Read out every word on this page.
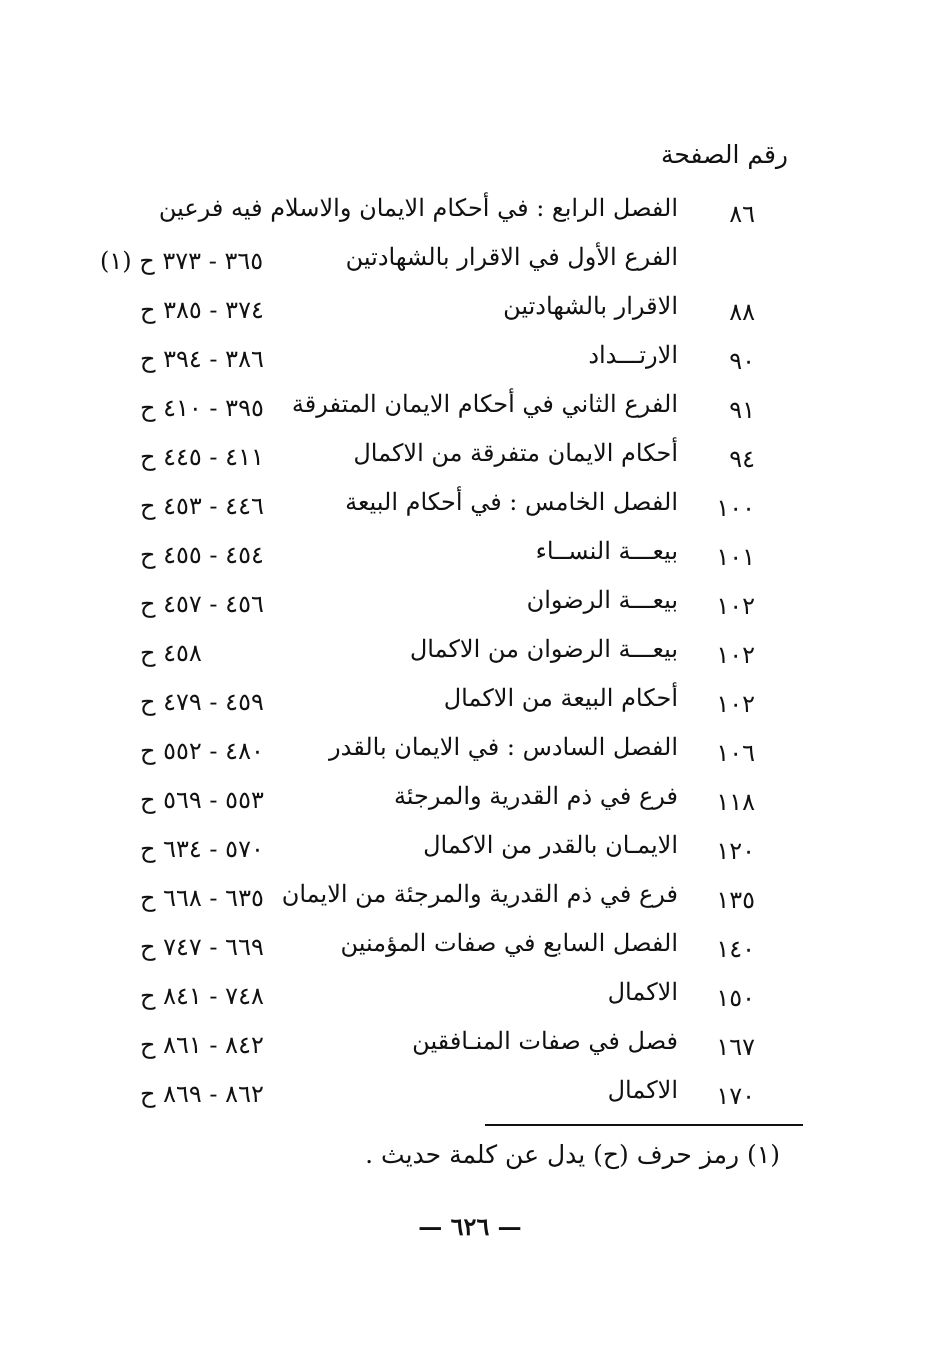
رقم الصفحة
٨٦
الفصل الرابع : في أحكام الايمان والاسلام فيه فرعين
الفرع الأول في الاقرار بالشهادتين
(١) ٣٦٥ - ٣٧٣ ح
٨٨
الاقرار بالشهادتين
٣٧٤ - ٣٨٥ ح
٩٠
الارتـــداد
٣٨٦ - ٣٩٤ ح
٩١
الفرع الثاني في أحكام الايمان المتفرقة
٣٩٥ - ٤١٠ ح
٩٤
أحكام الايمان متفرقة من الاكمال
٤١١ - ٤٤٥ ح
١٠٠
الفصل الخامس : في أحكام البيعة
٤٤٦ - ٤٥٣ ح
١٠١
بيعـــة النســاء
٤٥٤ - ٤٥٥ ح
١٠٢
بيعـــة الرضوان
٤٥٦ - ٤٥٧ ح
١٠٢
بيعـــة الرضوان من الاكمال
٤٥٨ ح
١٠٢
أحكام البيعة من الاكمال
٤٥٩ - ٤٧٩ ح
١٠٦
الفصل السادس : في الايمان بالقدر
٤٨٠ - ٥٥٢ ح
١١٨
فرع في ذم القدرية والمرجئة
٥٥٣ - ٥٦٩ ح
١٢٠
الايمـان بالقدر من الاكمال
٥٧٠ - ٦٣٤ ح
١٣٥
فرع في ذم القدرية والمرجئة من الايمان
٦٣٥ - ٦٦٨ ح
١٤٠
الفصل السابع في صفات المؤمنين
٦٦٩ - ٧٤٧ ح
١٥٠
الاكمال
٧٤٨ - ٨٤١ ح
١٦٧
فصل في صفات المنـافقين
٨٤٢ - ٨٦١ ح
١٧٠
الاكمال
٨٦٢ - ٨٦٩ ح
(١) رمز حرف (ح) يدل عن كلمة حديث .
— ٦٢٦ —
